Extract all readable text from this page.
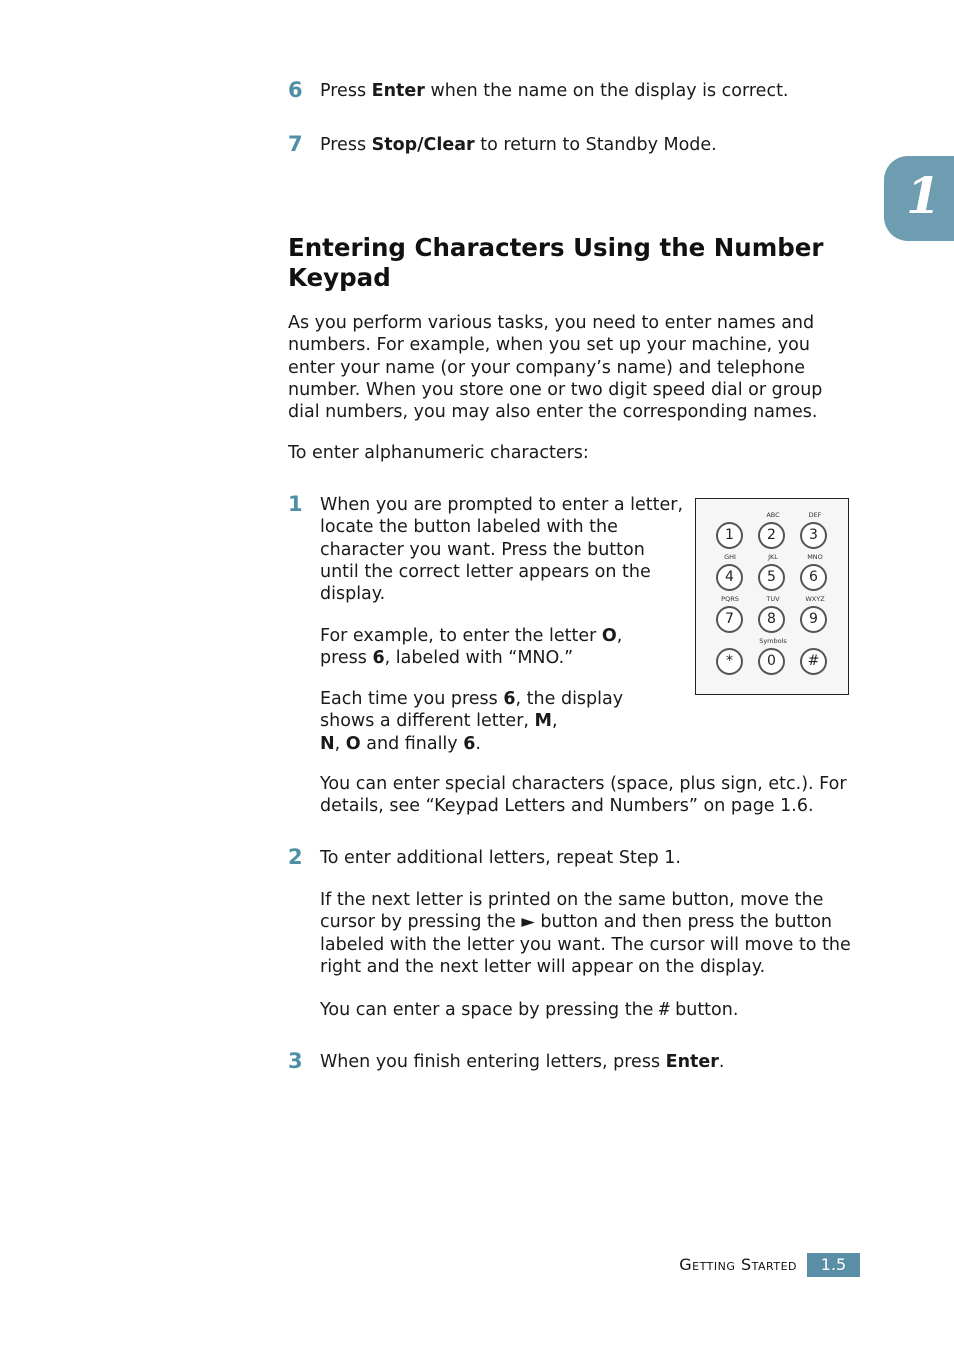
6 Press Enter when the name on the display is correct.
7 Press Stop/Clear to return to Standby Mode.
1
Entering Characters Using the Number Keypad
As you perform various tasks, you need to enter names and numbers. For example, when you set up your machine, you enter your name (or your company’s name) and telephone number. When you store one or two digit speed dial or group dial numbers, you may also enter the corresponding names.
To enter alphanumeric characters:
1 When you are prompted to enter a letter, locate the button labeled with the character you want. Press the button until the correct letter appears on the display.
For example, to enter the letter O, press 6, labeled with “MNO.”
Each time you press 6, the display shows a different letter, M,
N, O and finally 6.
You can enter special characters (space, plus sign, etc.). For details, see “Keypad Letters and Numbers” on page 1.6.
ABC	DEF
1	2	3
GHI	JKL	MNO
4	5	6
PQRS	TUV	WXYZ
7	8	9
Symbols
*	0	#
2 To enter additional letters, repeat Step 1.
If the next letter is printed on the same button, move the cursor by pressing the ► button and then press the button labeled with the letter you want. The cursor will move to the right and the next letter will appear on the display.
You can enter a space by pressing the # button.
3 When you finish entering letters, press Enter.
Getting Started	1.5
